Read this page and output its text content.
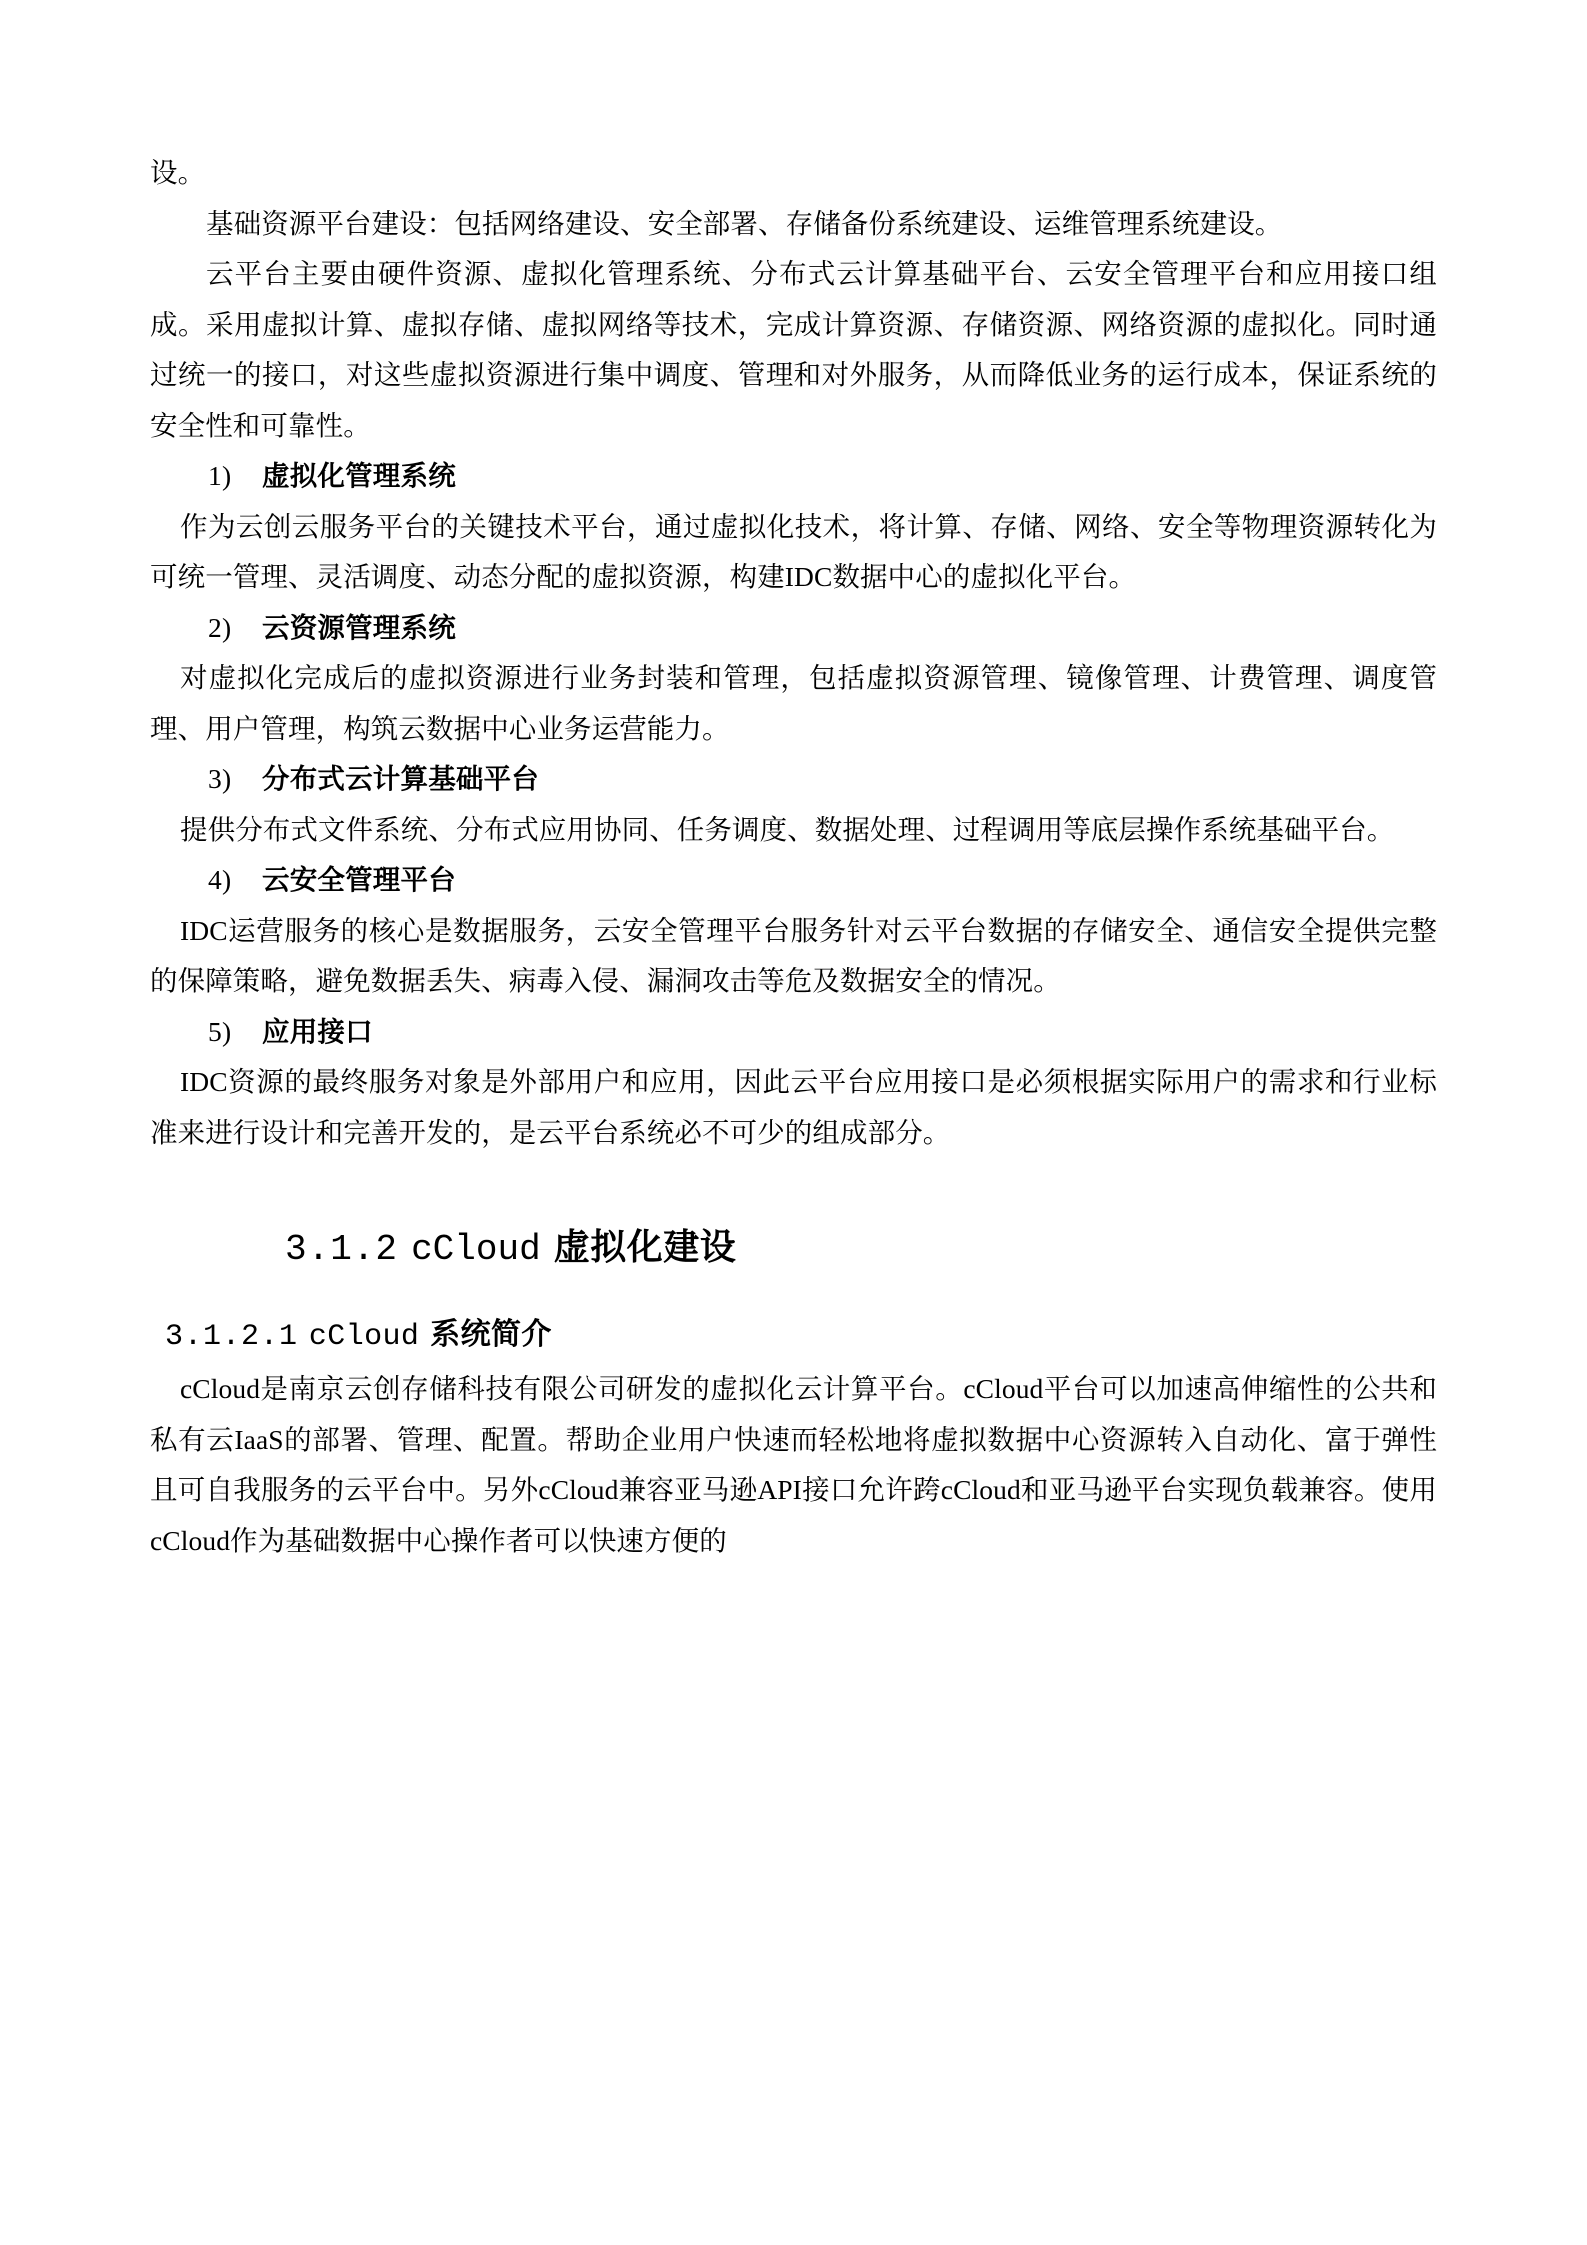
设。

基础资源平台建设：包括网络建设、安全部署、存储备份系统建设、运维管理系统建设。

云平台主要由硬件资源、虚拟化管理系统、分布式云计算基础平台、云安全管理平台和应用接口组成。采用虚拟计算、虚拟存储、虚拟网络等技术，完成计算资源、存储资源、网络资源的虚拟化。同时通过统一的接口，对这些虚拟资源进行集中调度、管理和对外服务，从而降低业务的运行成本，保证系统的安全性和可靠性。

1) 虚拟化管理系统

作为云创云服务平台的关键技术平台，通过虚拟化技术，将计算、存储、网络、安全等物理资源转化为可统一管理、灵活调度、动态分配的虚拟资源，构建IDC数据中心的虚拟化平台。

2) 云资源管理系统

对虚拟化完成后的虚拟资源进行业务封装和管理，包括虚拟资源管理、镜像管理、计费管理、调度管理、用户管理，构筑云数据中心业务运营能力。

3) 分布式云计算基础平台

提供分布式文件系统、分布式应用协同、任务调度、数据处理、过程调用等底层操作系统基础平台。

4) 云安全管理平台

IDC运营服务的核心是数据服务，云安全管理平台服务针对云平台数据的存储安全、通信安全提供完整的保障策略，避免数据丢失、病毒入侵、漏洞攻击等危及数据安全的情况。

5) 应用接口

IDC资源的最终服务对象是外部用户和应用，因此云平台应用接口是必须根据实际用户的需求和行业标准来进行设计和完善开发的，是云平台系统必不可少的组成部分。

3.1.2 cCloud 虚拟化建设
3.1.2.1 cCloud 系统简介

cCloud是南京云创存储科技有限公司研发的虚拟化云计算平台。cCloud平台可以加速高伸缩性的公共和私有云IaaS的部署、管理、配置。帮助企业用户快速而轻松地将虚拟数据中心资源转入自动化、富于弹性且可自我服务的云平台中。另外cCloud兼容亚马逊API接口允许跨cCloud和亚马逊平台实现负载兼容。使用cCloud作为基础数据中心操作者可以快速方便的
